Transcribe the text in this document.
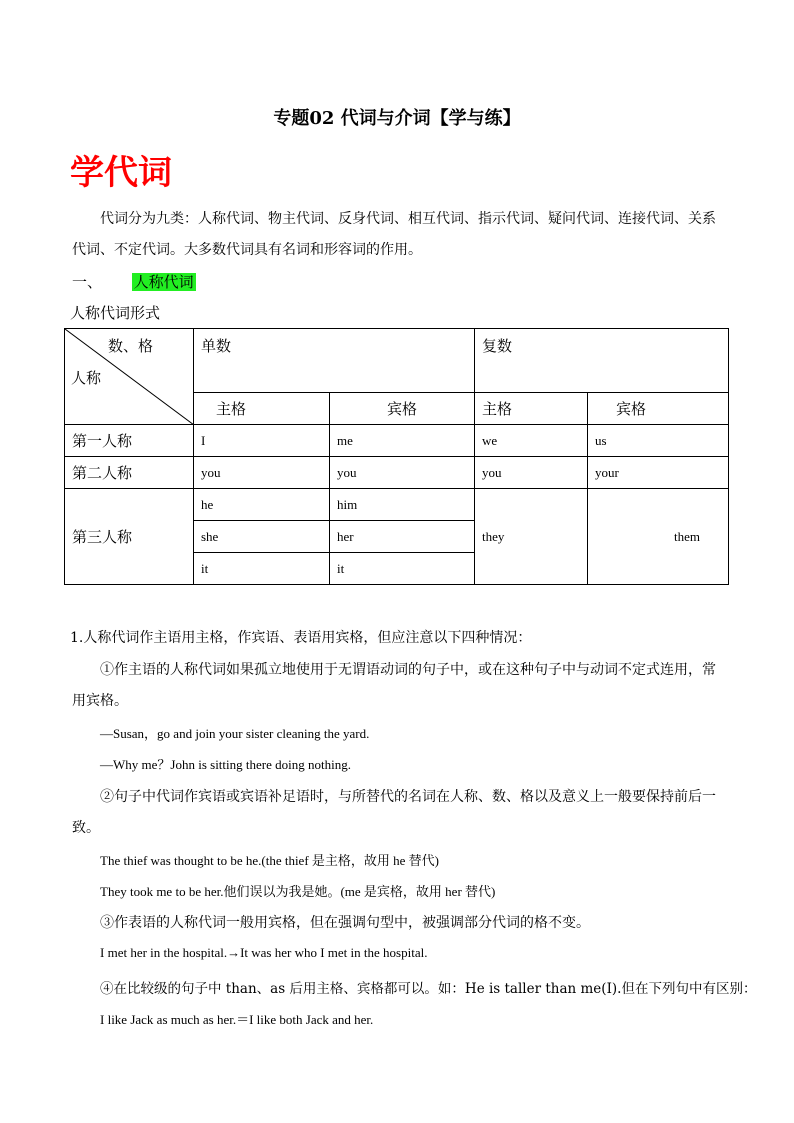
专题02 代词与介词【学与练】
学代词
代词分为九类：人称代词、物主代词、反身代词、相互代词、指示代词、疑问代词、连接代词、关系
代词、不定代词。大多数代词具有名词和形容词的作用。
一、 人称代词
人称代词形式
数、格
人称	单数		复数	
	主格	宾格	主格	宾格
第一人称	I	me	we	us
第二人称	you	you	you	your
第三人称	he	him	they	them
	she	her		
	it	it		
1.人称代词作主语用主格，作宾语、表语用宾格，但应注意以下四种情况：
①作主语的人称代词如果孤立地使用于无谓语动词的句子中，或在这种句子中与动词不定式连用，常
用宾格。
—Susan，go and join your sister cleaning the yard.
—Why me？John is sitting there doing nothing.
②句子中代词作宾语或宾语补足语时，与所替代的名词在人称、数、格以及意义上一般要保持前后一
致。
The thief was thought to be he.(the thief 是主格，故用 he 替代)
They took me to be her.他们误以为我是她。(me 是宾格，故用 her 替代)
③作表语的人称代词一般用宾格，但在强调句型中，被强调部分代词的格不变。
I met her in the hospital.→It was her who I met in the hospital.
④在比较级的句子中 than、as 后用主格、宾格都可以。如：He is taller than me(I).但在下列句中有区别：
I like Jack as much as her.＝I like both Jack and her.
